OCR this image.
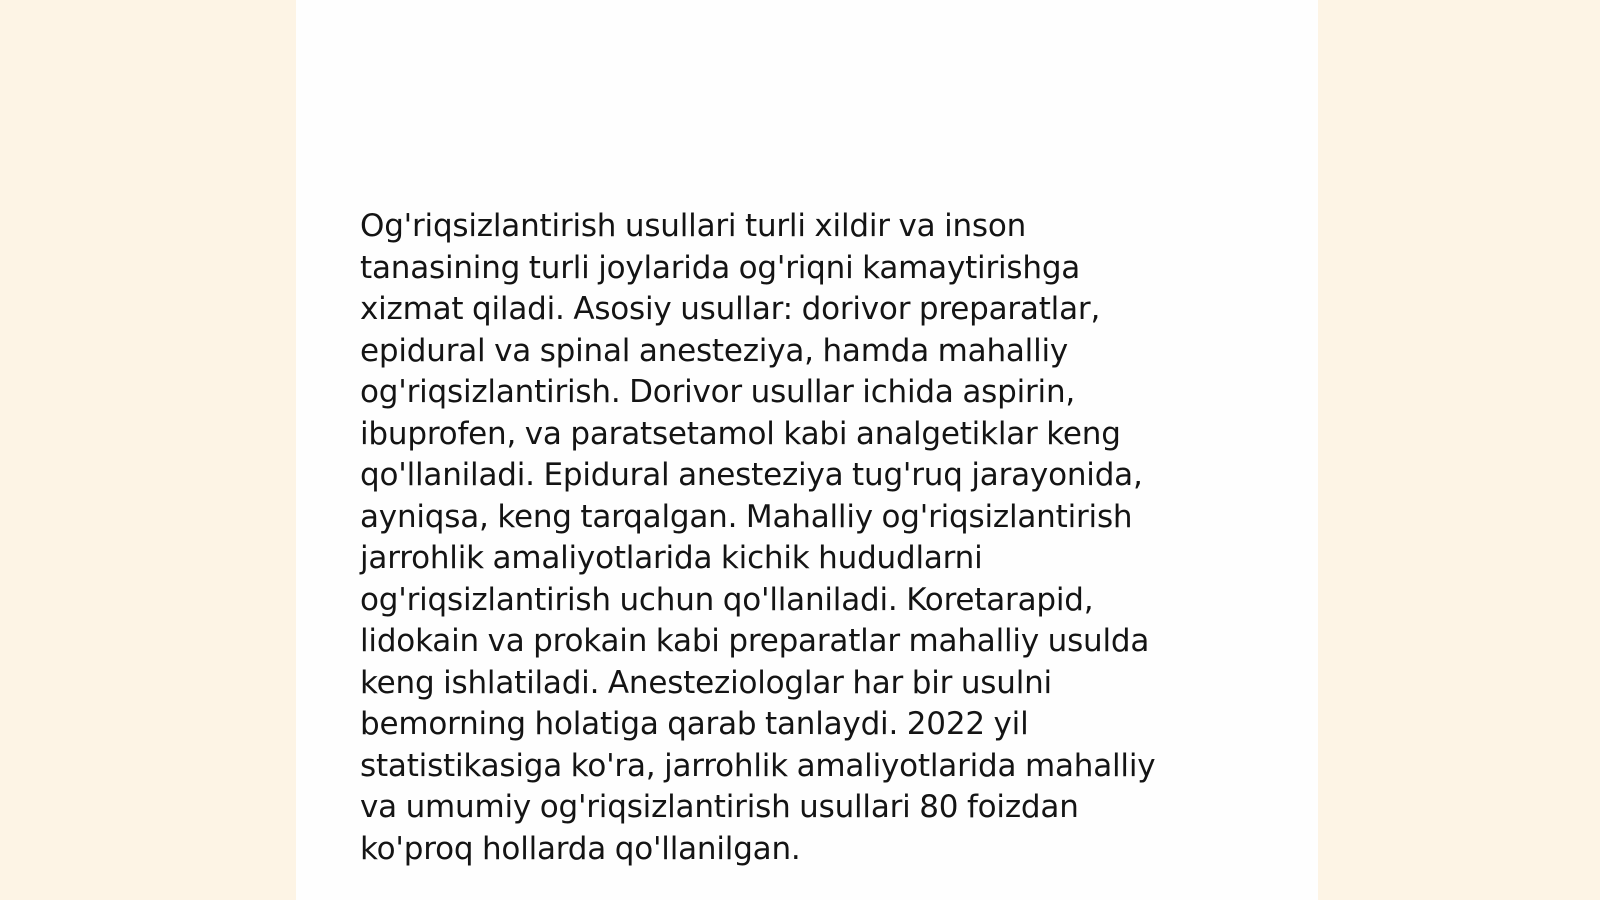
Og'riqsizlantirish usullari turli xildir va inson
tanasining turli joylarida og'riqni kamaytirishga
xizmat qiladi. Asosiy usullar: dorivor preparatlar,
epidural va spinal anesteziya, hamda mahalliy
og'riqsizlantirish. Dorivor usullar ichida aspirin,
ibuprofen, va paratsetamol kabi analgetiklar keng
qo'llaniladi. Epidural anesteziya tug'ruq jarayonida,
ayniqsa, keng tarqalgan. Mahalliy og'riqsizlantirish
jarrohlik amaliyotlarida kichik hududlarni
og'riqsizlantirish uchun qo'llaniladi. Koretarapid,
lidokain va prokain kabi preparatlar mahalliy usulda
keng ishlatiladi. Anesteziologlar har bir usulni
bemorning holatiga qarab tanlaydi. 2022 yil
statistikasiga ko'ra, jarrohlik amaliyotlarida mahalliy
va umumiy og'riqsizlantirish usullari 80 foizdan
ko'proq hollarda qo'llanilgan.
